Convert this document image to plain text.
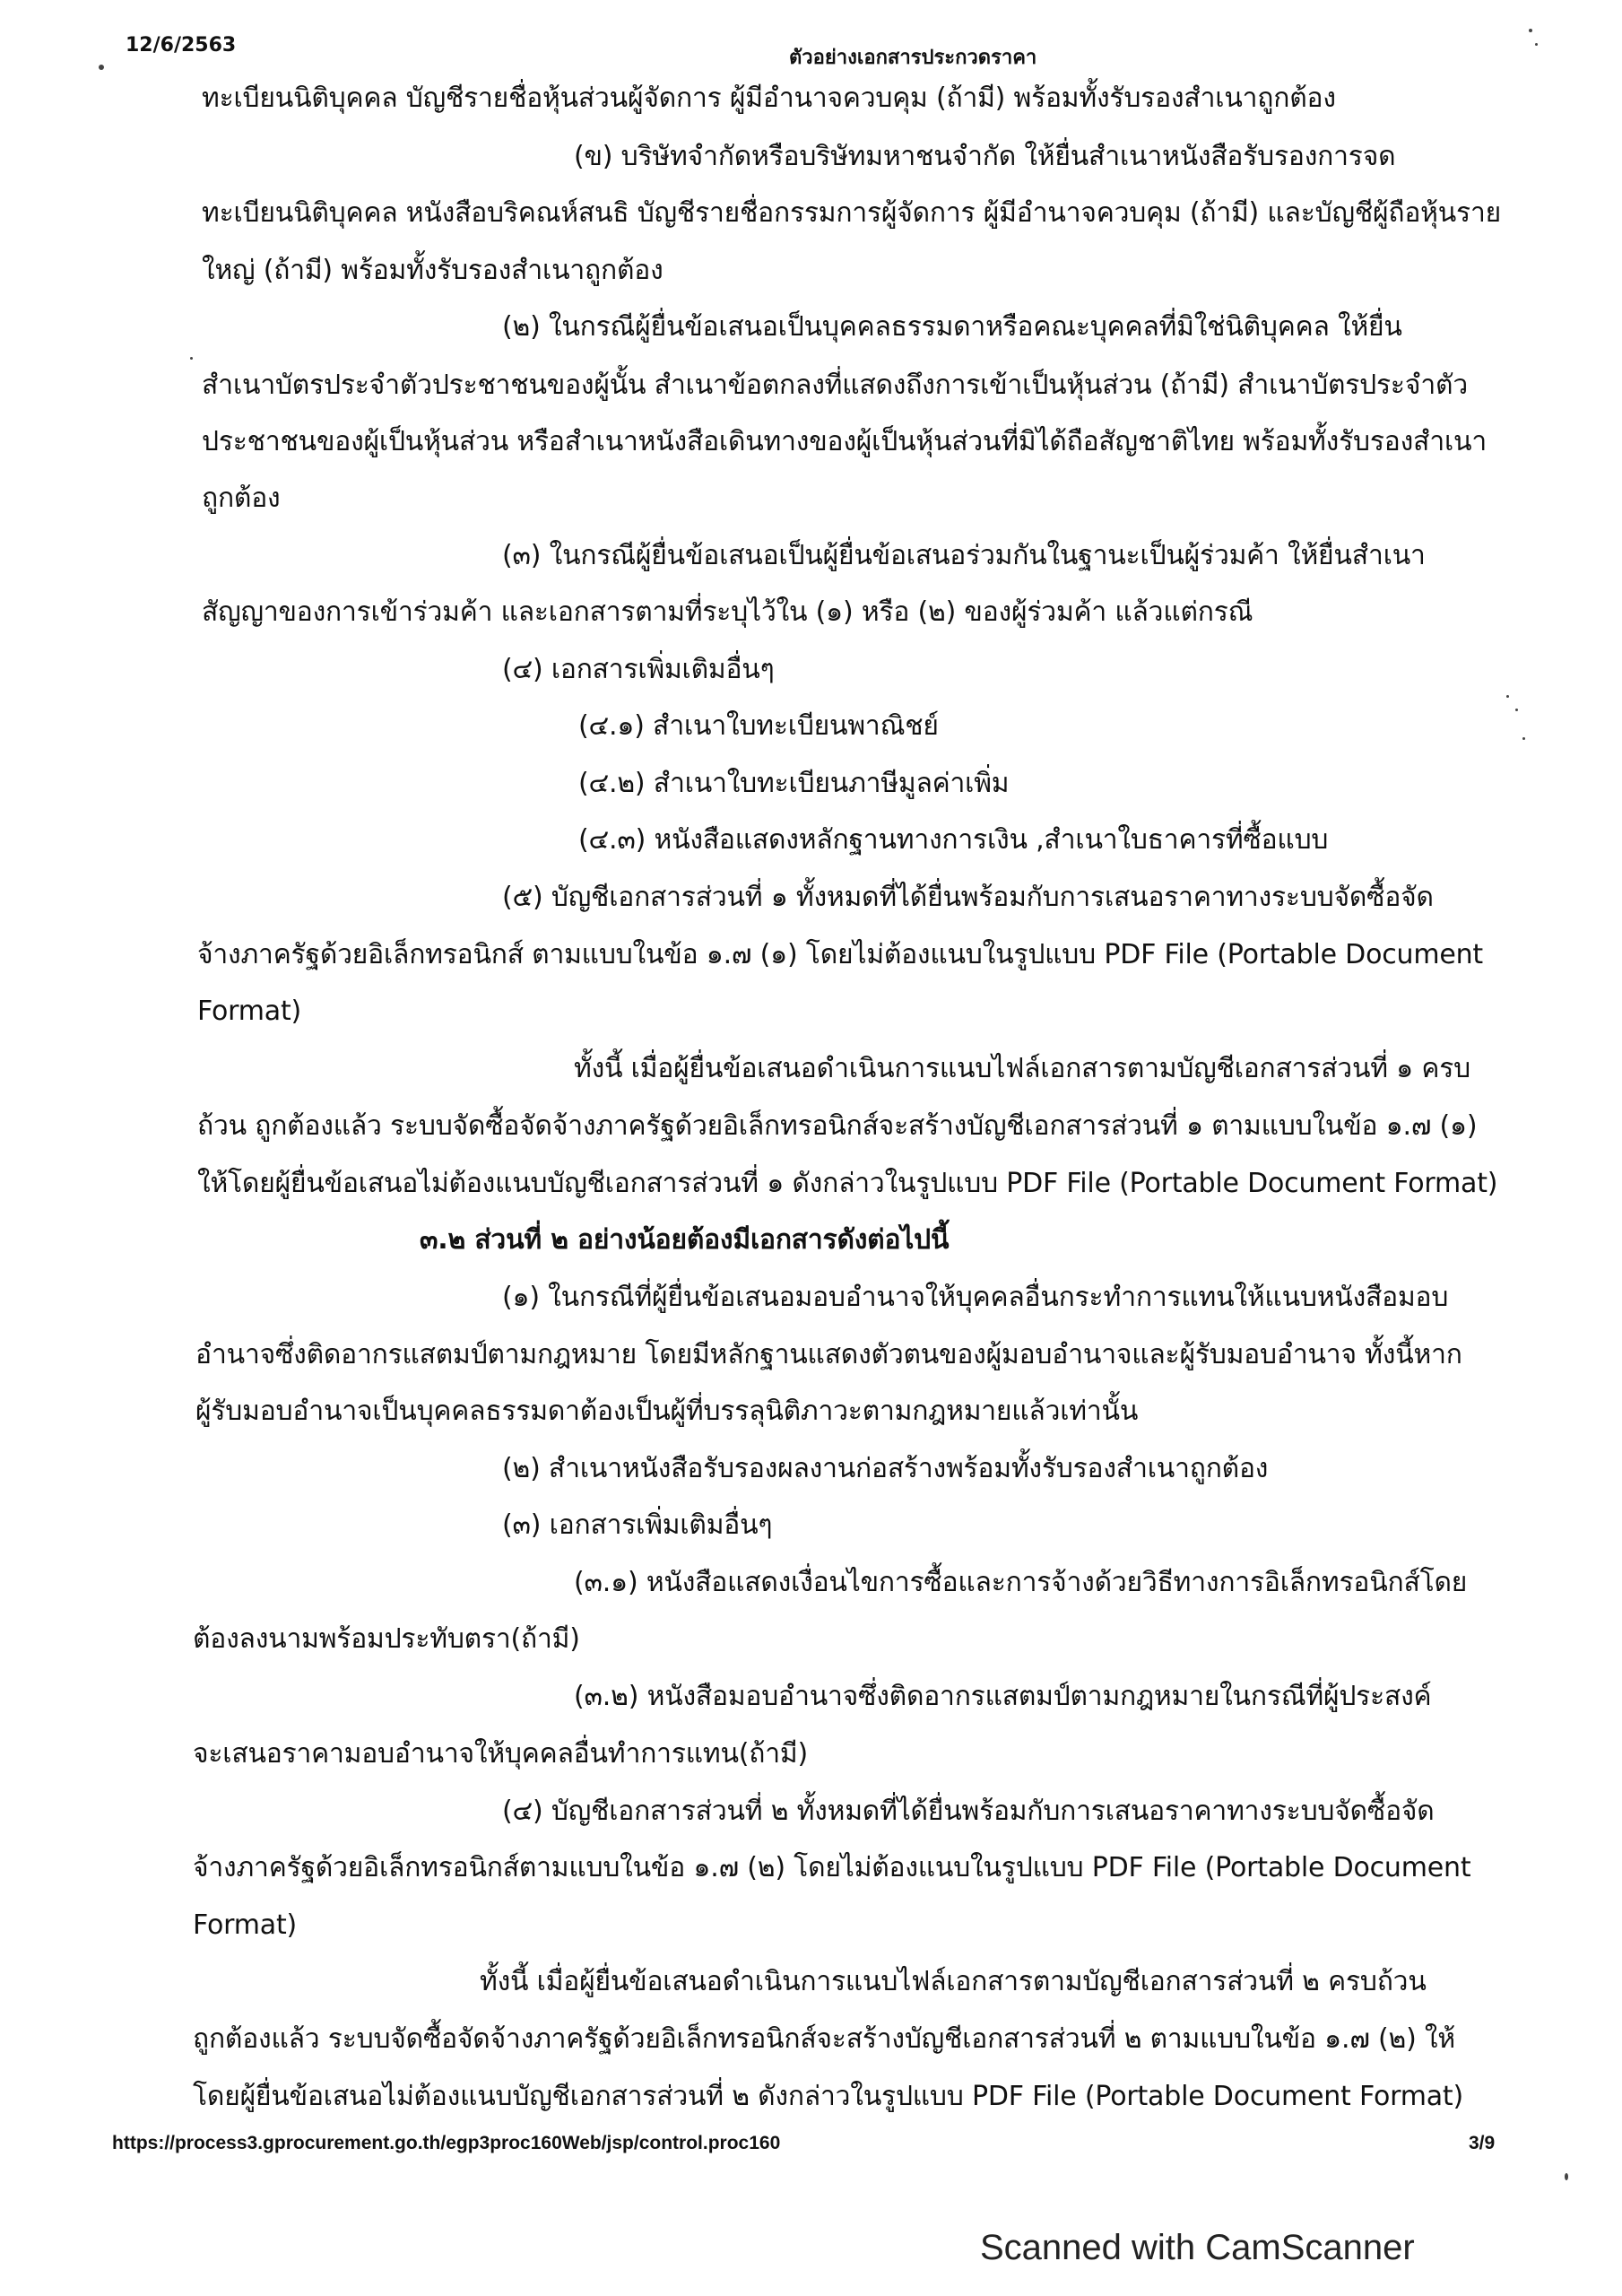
12/6/2563
ตัวอย่างเอกสารประกวดราคา
ทะเบียนนิติบุคคล บัญชีรายชื่อหุ้นส่วนผู้จัดการ ผู้มีอำนาจควบคุม (ถ้ามี) พร้อมทั้งรับรองสำเนาถูกต้อง
(ข) บริษัทจำกัดหรือบริษัทมหาชนจำกัด ให้ยื่นสำเนาหนังสือรับรองการจด
ทะเบียนนิติบุคคล หนังสือบริคณห์สนธิ บัญชีรายชื่อกรรมการผู้จัดการ ผู้มีอำนาจควบคุม (ถ้ามี) และบัญชีผู้ถือหุ้นราย
ใหญ่ (ถ้ามี) พร้อมทั้งรับรองสำเนาถูกต้อง
(๒) ในกรณีผู้ยื่นข้อเสนอเป็นบุคคลธรรมดาหรือคณะบุคคลที่มิใช่นิติบุคคล ให้ยื่น
สำเนาบัตรประจำตัวประชาชนของผู้นั้น สำเนาข้อตกลงที่แสดงถึงการเข้าเป็นหุ้นส่วน (ถ้ามี) สำเนาบัตรประจำตัว
ประชาชนของผู้เป็นหุ้นส่วน หรือสำเนาหนังสือเดินทางของผู้เป็นหุ้นส่วนที่มิได้ถือสัญชาติไทย พร้อมทั้งรับรองสำเนา
ถูกต้อง
(๓) ในกรณีผู้ยื่นข้อเสนอเป็นผู้ยื่นข้อเสนอร่วมกันในฐานะเป็นผู้ร่วมค้า ให้ยื่นสำเนา
สัญญาของการเข้าร่วมค้า และเอกสารตามที่ระบุไว้ใน (๑) หรือ (๒) ของผู้ร่วมค้า แล้วแต่กรณี
(๔) เอกสารเพิ่มเติมอื่นๆ
(๔.๑) สำเนาใบทะเบียนพาณิชย์
(๔.๒) สำเนาใบทะเบียนภาษีมูลค่าเพิ่ม
(๔.๓) หนังสือแสดงหลักฐานทางการเงิน ,สำเนาใบธาคารที่ซื้อแบบ
(๕) บัญชีเอกสารส่วนที่ ๑ ทั้งหมดที่ได้ยื่นพร้อมกับการเสนอราคาทางระบบจัดซื้อจัด
จ้างภาครัฐด้วยอิเล็กทรอนิกส์ ตามแบบในข้อ ๑.๗ (๑) โดยไม่ต้องแนบในรูปแบบ PDF File (Portable Document
Format)
ทั้งนี้ เมื่อผู้ยื่นข้อเสนอดำเนินการแนบไฟล์เอกสารตามบัญชีเอกสารส่วนที่ ๑ ครบ
ถ้วน ถูกต้องแล้ว ระบบจัดซื้อจัดจ้างภาครัฐด้วยอิเล็กทรอนิกส์จะสร้างบัญชีเอกสารส่วนที่ ๑ ตามแบบในข้อ ๑.๗ (๑)
ให้โดยผู้ยื่นข้อเสนอไม่ต้องแนบบัญชีเอกสารส่วนที่ ๑ ดังกล่าวในรูปแบบ PDF File (Portable Document Format)
๓.๒ ส่วนที่ ๒ อย่างน้อยต้องมีเอกสารดังต่อไปนี้
(๑) ในกรณีที่ผู้ยื่นข้อเสนอมอบอำนาจให้บุคคลอื่นกระทำการแทนให้แนบหนังสือมอบ
อำนาจซึ่งติดอากรแสตมป์ตามกฎหมาย โดยมีหลักฐานแสดงตัวตนของผู้มอบอำนาจและผู้รับมอบอำนาจ ทั้งนี้หาก
ผู้รับมอบอำนาจเป็นบุคคลธรรมดาต้องเป็นผู้ที่บรรลุนิติภาวะตามกฎหมายแล้วเท่านั้น
(๒) สำเนาหนังสือรับรองผลงานก่อสร้างพร้อมทั้งรับรองสำเนาถูกต้อง
(๓) เอกสารเพิ่มเติมอื่นๆ
(๓.๑) หนังสือแสดงเงื่อนไขการซื้อและการจ้างด้วยวิธีทางการอิเล็กทรอนิกส์โดย
ต้องลงนามพร้อมประทับตรา(ถ้ามี)
(๓.๒) หนังสือมอบอำนาจซึ่งติดอากรแสตมป์ตามกฎหมายในกรณีที่ผู้ประสงค์
จะเสนอราคามอบอำนาจให้บุคคลอื่นทำการแทน(ถ้ามี)
(๔) บัญชีเอกสารส่วนที่ ๒ ทั้งหมดที่ได้ยื่นพร้อมกับการเสนอราคาทางระบบจัดซื้อจัด
จ้างภาครัฐด้วยอิเล็กทรอนิกส์ตามแบบในข้อ ๑.๗ (๒) โดยไม่ต้องแนบในรูปแบบ PDF File (Portable Document
Format)
ทั้งนี้ เมื่อผู้ยื่นข้อเสนอดำเนินการแนบไฟล์เอกสารตามบัญชีเอกสารส่วนที่ ๒ ครบถ้วน
ถูกต้องแล้ว ระบบจัดซื้อจัดจ้างภาครัฐด้วยอิเล็กทรอนิกส์จะสร้างบัญชีเอกสารส่วนที่ ๒ ตามแบบในข้อ ๑.๗ (๒) ให้
โดยผู้ยื่นข้อเสนอไม่ต้องแนบบัญชีเอกสารส่วนที่ ๒ ดังกล่าวในรูปแบบ PDF File (Portable Document Format)
https://process3.gprocurement.go.th/egp3proc160Web/jsp/control.proc160	3/9
Scanned with CamScanner
